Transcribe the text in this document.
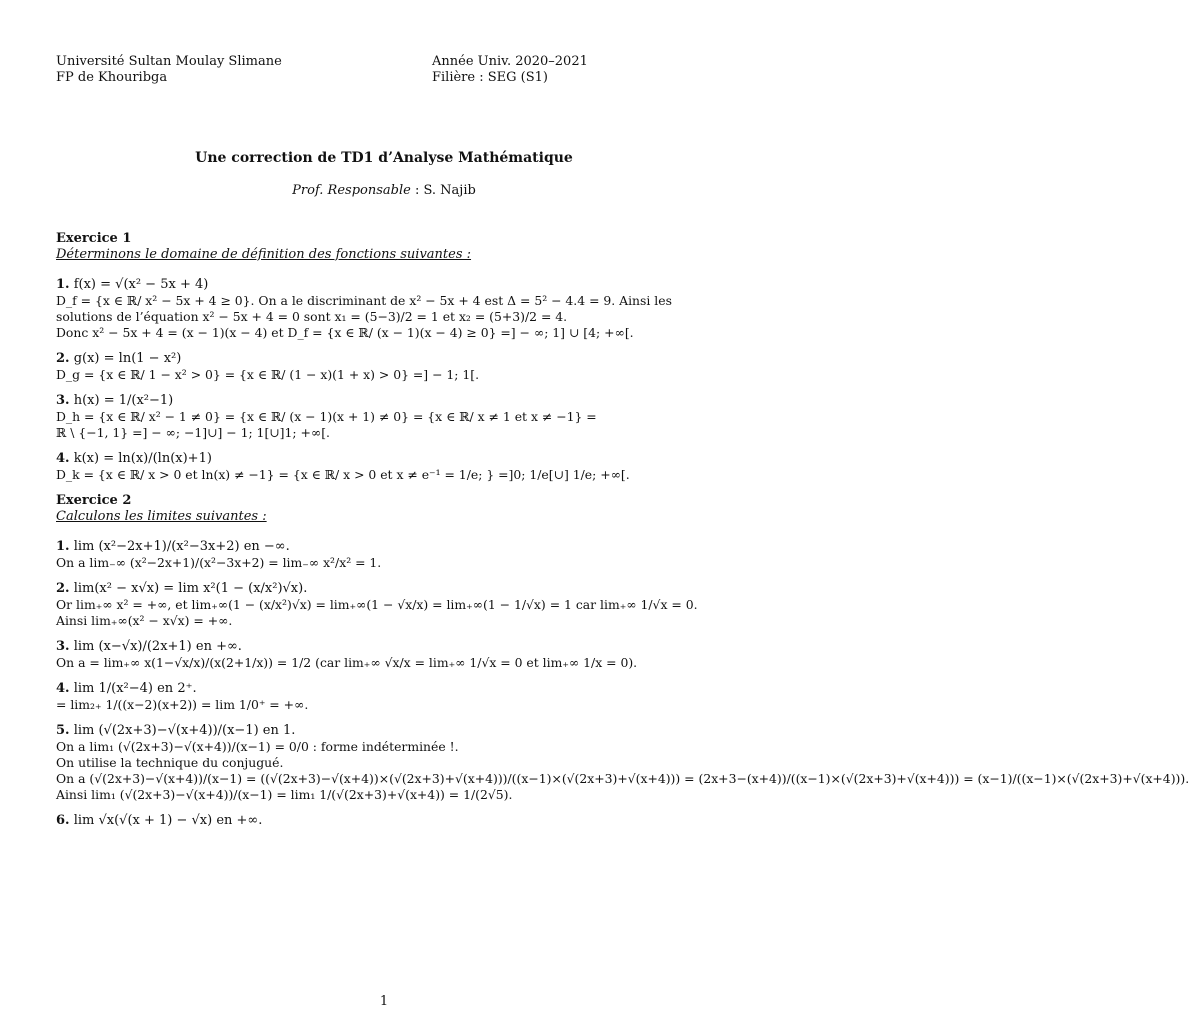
Université Sultan Moulay Slimane
FP de Khouribga
Année Univ. 2020–2021
Filière : SEG (S1)
Une correction de TD1 d’Analyse Mathématique
Prof. Responsable : S. Najib
Exercice 1
Déterminons le domaine de définition des fonctions suivantes :
1. f(x) = √(x² − 5x + 4)
D_f = {x ∈ ℝ/ x² − 5x + 4 ≥ 0}. On a le discriminant de x² − 5x + 4 est Δ = 5² − 4.4 = 9. Ainsi les
solutions de l’équation x² − 5x + 4 = 0 sont x₁ = (5−3)/2 = 1 et x₂ = (5+3)/2 = 4.
Donc x² − 5x + 4 = (x − 1)(x − 4) et D_f = {x ∈ ℝ/ (x − 1)(x − 4) ≥ 0} =] − ∞; 1] ∪ [4; +∞[.
2. g(x) = ln(1 − x²)
D_g = {x ∈ ℝ/ 1 − x² > 0} = {x ∈ ℝ/ (1 − x)(1 + x) > 0} =] − 1; 1[.
3. h(x) = 1/(x²−1)
D_h = {x ∈ ℝ/ x² − 1 ≠ 0} = {x ∈ ℝ/ (x − 1)(x + 1) ≠ 0} = {x ∈ ℝ/ x ≠ 1 et x ≠ −1} =
ℝ \ {−1, 1} =] − ∞; −1]∪] − 1; 1[∪]1; +∞[.
4. k(x) = ln(x)/(ln(x)+1)
D_k = {x ∈ ℝ/ x > 0 et ln(x) ≠ −1} = {x ∈ ℝ/ x > 0 et x ≠ e⁻¹ = 1/e; } =]0; 1/e[∪] 1/e; +∞[.
Exercice 2
Calculons les limites suivantes :
1. lim (x²−2x+1)/(x²−3x+2) en −∞.
On a lim₋∞ (x²−2x+1)/(x²−3x+2) = lim₋∞ x²/x² = 1.
2. lim(x² − x√x) = lim x²(1 − (x/x²)√x).
Or lim₊∞ x² = +∞, et lim₊∞(1 − (x/x²)√x) = lim₊∞(1 − √x/x) = lim₊∞(1 − 1/√x) = 1 car lim₊∞ 1/√x = 0.
Ainsi lim₊∞(x² − x√x) = +∞.
3. lim (x−√x)/(2x+1) en +∞.
On a = lim₊∞ x(1−√x/x)/(x(2+1/x)) = 1/2 (car lim₊∞ √x/x = lim₊∞ 1/√x = 0 et lim₊∞ 1/x = 0).
4. lim 1/(x²−4) en 2⁺.
= lim₂₊ 1/((x−2)(x+2)) = lim 1/0⁺ = +∞.
5. lim (√(2x+3)−√(x+4))/(x−1) en 1.
On a lim₁ (√(2x+3)−√(x+4))/(x−1) = 0/0 : forme indéterminée !.
On utilise la technique du conjugué.
On a (√(2x+3)−√(x+4))/(x−1) = ((√(2x+3)−√(x+4))×(√(2x+3)+√(x+4)))/((x−1)×(√(2x+3)+√(x+4))) = (2x+3−(x+4))/((x−1)×(√(2x+3)+√(x+4))) = (x−1)/((x−1)×(√(2x+3)+√(x+4))).
Ainsi lim₁ (√(2x+3)−√(x+4))/(x−1) = lim₁ 1/(√(2x+3)+√(x+4)) = 1/(2√5).
6. lim √x(√(x + 1) − √x) en +∞.
1
